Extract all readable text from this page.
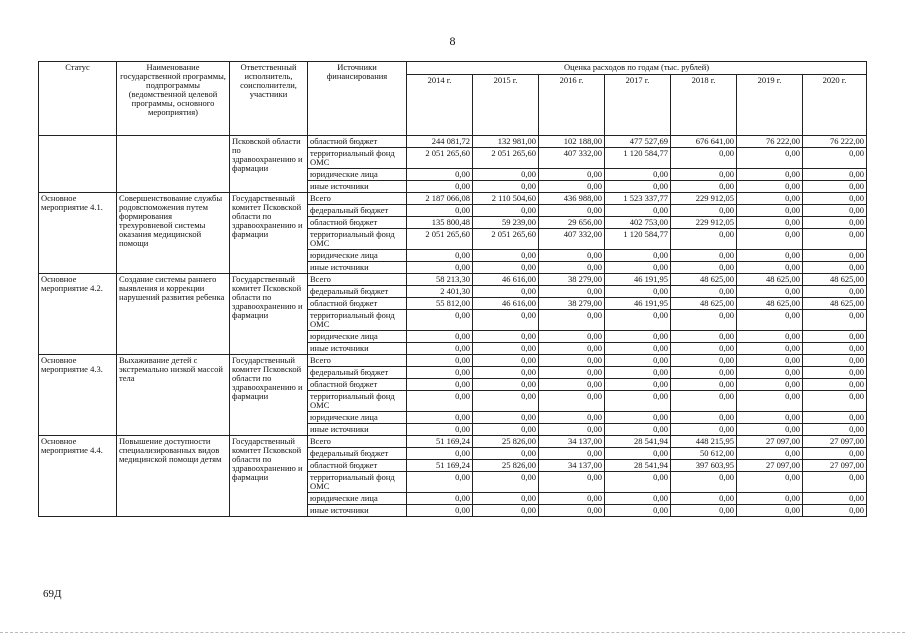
8
Статус	Наименование государственной программы, подпрограммы (ведомственной целевой программы, основного мероприятия)	Ответственный исполнитель, соисполнители, участники	Источники финансирования	Оценка расходов по годам (тыс. рублей)						
				2014 г.	2015 г.	2016 г.	2017 г.	2018 г.	2019 г.	2020 г.
		Псковской области по здравоохранению и фармации	областной бюджет	244 081,72	132 981,00	102 188,00	477 527,69	676 641,00	76 222,00	76 222,00
			территориальный фонд ОМС	2 051 265,60	2 051 265,60	407 332,00	1 120 584,77	0,00	0,00	0,00
			юридические лица	0,00	0,00	0,00	0,00	0,00	0,00	0,00
			иные источники	0,00	0,00	0,00	0,00	0,00	0,00	0,00
Основное мероприятие 4.1.	Совершенствование службы родовспоможения путем формирования трехуровневой системы оказания медицинской помощи	Государственный комитет Псковской области по здравоохранению и фармации	Всего	2 187 066,08	2 110 504,60	436 988,00	1 523 337,77	229 912,05	0,00	0,00
			федеральный бюджет	0,00	0,00	0,00	0,00	0,00	0,00	0,00
			областной бюджет	135 800,48	59 239,00	29 656,00	402 753,00	229 912,05	0,00	0,00
			территориальный фонд ОМС	2 051 265,60	2 051 265,60	407 332,00	1 120 584,77	0,00	0,00	0,00
			юридические лица	0,00	0,00	0,00	0,00	0,00	0,00	0,00
			иные источники	0,00	0,00	0,00	0,00	0,00	0,00	0,00
Основное мероприятие 4.2.	Создание системы раннего выявления и коррекции нарушений развития ребенка	Государственный комитет Псковской области по здравоохранению и фармации	Всего	58 213,30	46 616,00	38 279,00	46 191,95	48 625,00	48 625,00	48 625,00
			федеральный бюджет	2 401,30	0,00	0,00	0,00	0,00	0,00	0,00
			областной бюджет	55 812,00	46 616,00	38 279,00	46 191,95	48 625,00	48 625,00	48 625,00
			территориальный фонд ОМС	0,00	0,00	0,00	0,00	0,00	0,00	0,00
			юридические лица	0,00	0,00	0,00	0,00	0,00	0,00	0,00
			иные источники	0,00	0,00	0,00	0,00	0,00	0,00	0,00
Основное мероприятие 4.3.	Выхаживание детей с экстремально низкой массой тела	Государственный комитет Псковской области по здравоохранению и фармации	Всего	0,00	0,00	0,00	0,00	0,00	0,00	0,00
			федеральный бюджет	0,00	0,00	0,00	0,00	0,00	0,00	0,00
			областной бюджет	0,00	0,00	0,00	0,00	0,00	0,00	0,00
			территориальный фонд ОМС	0,00	0,00	0,00	0,00	0,00	0,00	0,00
			юридические лица	0,00	0,00	0,00	0,00	0,00	0,00	0,00
			иные источники	0,00	0,00	0,00	0,00	0,00	0,00	0,00
Основное мероприятие 4.4.	Повышение доступности специализированных видов медицинской помощи детям	Государственный комитет Псковской области по здравоохранению и фармации	Всего	51 169,24	25 826,00	34 137,00	28 541,94	448 215,95	27 097,00	27 097,00
			федеральный бюджет	0,00	0,00	0,00	0,00	50 612,00	0,00	0,00
			областной бюджет	51 169,24	25 826,00	34 137,00	28 541,94	397 603,95	27 097,00	27 097,00
			территориальный фонд ОМС	0,00	0,00	0,00	0,00	0,00	0,00	0,00
			юридические лица	0,00	0,00	0,00	0,00	0,00	0,00	0,00
			иные источники	0,00	0,00	0,00	0,00	0,00	0,00	0,00
69Д
